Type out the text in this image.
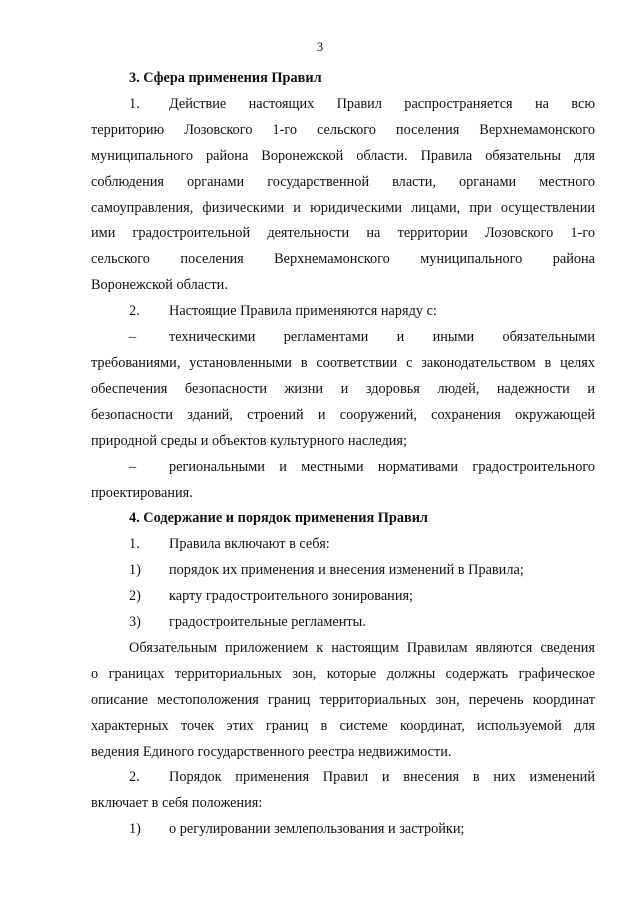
3

3. Сфера применения Правил

1.	Действие настоящих Правил распространяется на всю
территорию Лозовского 1-го сельского поселения Верхнемамонского
муниципального района Воронежской области. Правила обязательны для
соблюдения органами государственной власти, органами местного
самоуправления, физическими и юридическими лицами, при осуществлении
ими градостроительной деятельности на территории Лозовского 1-го
сельского поселения Верхнемамонского муниципального района
Воронежской области.
2.	Настоящие Правила применяются наряду с:
–	техническими регламентами и иными обязательными
требованиями, установленными в соответствии с законодательством в целях
обеспечения безопасности жизни и здоровья людей, надежности и
безопасности зданий, строений и сооружений, сохранения окружающей
природной среды и объектов культурного наследия;
–	региональными и местными нормативами градостроительного
проектирования.

4. Содержание и порядок применения Правил

1.	Правила включают в себя:
1)	порядок их применения и внесения изменений в Правила;
2)	карту градостроительного зонирования;
3)	градостроительные регламенты.
Обязательным приложением к настоящим Правилам являются сведения
о границах территориальных зон, которые должны содержать графическое
описание местоположения границ территориальных зон, перечень координат
характерных точек этих границ в системе координат, используемой для
ведения Единого государственного реестра недвижимости.
2.	Порядок применения Правил и внесения в них изменений
включает в себя положения:
1)	о регулировании землепользования и застройки;
